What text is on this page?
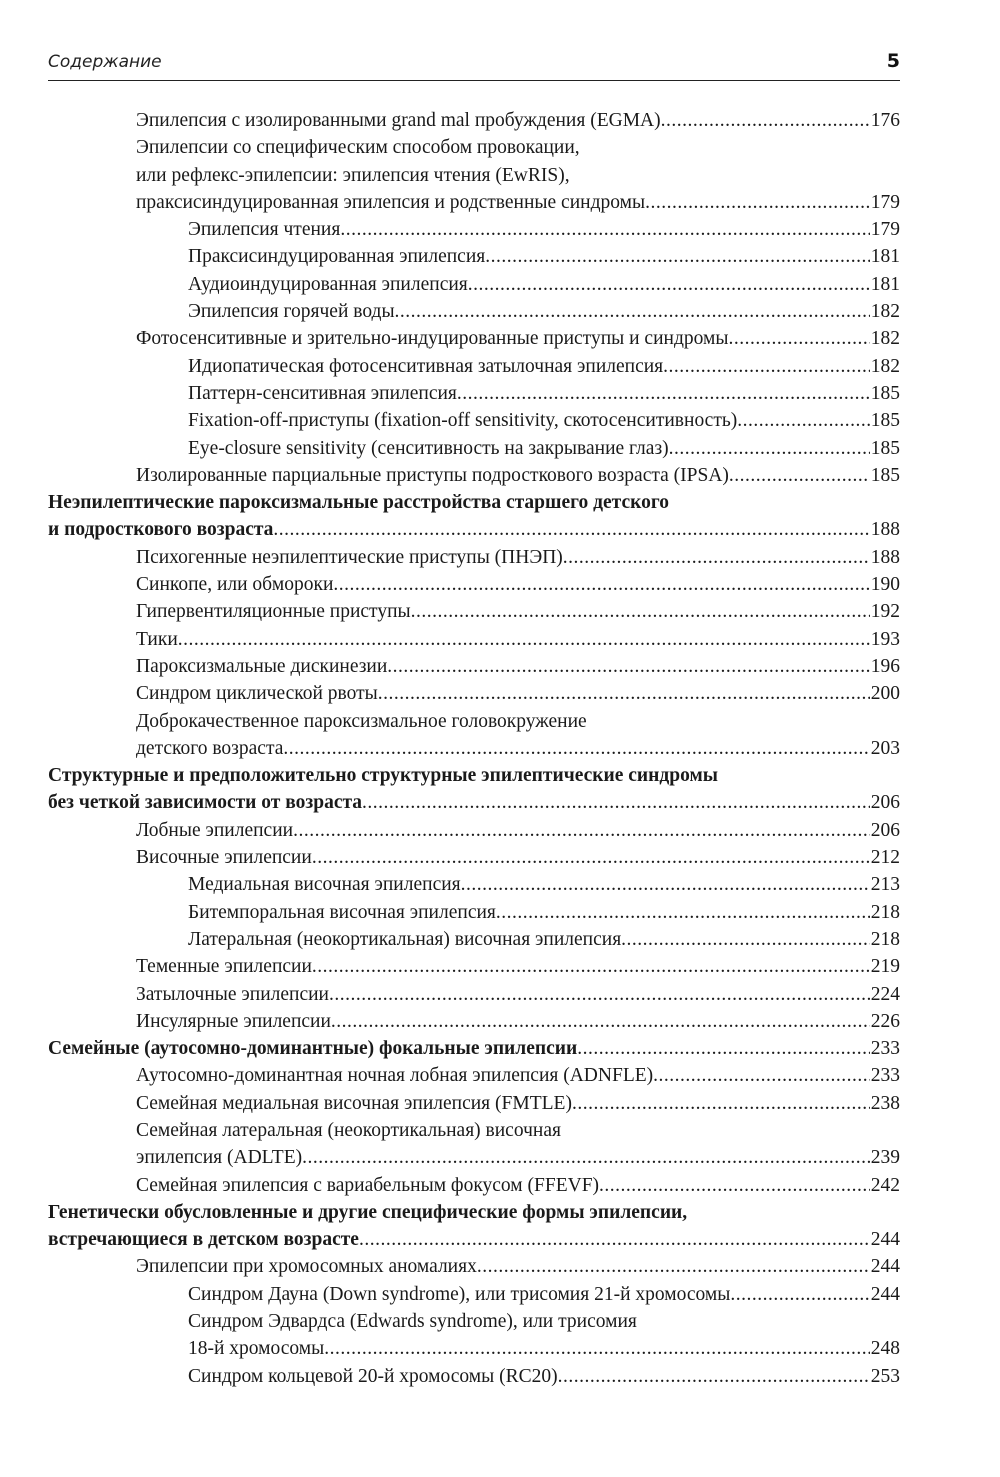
Содержание	5
Эпилепсия с изолированными grand mal пробуждения (EGMA) .....	176
Эпилепсии со специфическим способом провокации,
или рефлекс-эпилепсии: эпилепсия чтения (EwRIS),
праксисиндуцированная эпилепсия и родственные синдромы .....	179
Эпилепсия чтения .....	179
Праксисиндуцированная эпилепсия .....	181
Аудиоиндуцированная эпилепсия .....	181
Эпилепсия горячей воды .....	182
Фотосенситивные и зрительно-индуцированные приступы и синдромы .....	182
Идиопатическая фотосенситивная затылочная эпилепсия .....	182
Паттерн-сенситивная эпилепсия .....	185
Fixation-off-приступы (fixation-off sensitivity, скотосенситивность) .....	185
Eye-closure sensitivity (сенситивность на закрывание глаз) .....	185
Изолированные парциальные приступы подросткового возраста (IPSA) .....	185
Неэпилептические пароксизмальные расстройства старшего детского
и подросткового возраста .....	188
Психогенные неэпилептические приступы (ПНЭП) .....	188
Синкопе, или обмороки .....	190
Гипервентиляционные приступы .....	192
Тики .....	193
Пароксизмальные дискинезии .....	196
Синдром циклической рвоты .....	200
Доброкачественное пароксизмальное головокружение
детского возраста .....	203
Структурные и предположительно структурные эпилептические синдромы
без четкой зависимости от возраста .....	206
Лобные эпилепсии .....	206
Височные эпилепсии .....	212
Медиальная височная эпилепсия .....	213
Битемпоральная височная эпилепсия .....	218
Латеральная (неокортикальная) височная эпилепсия .....	218
Теменные эпилепсии .....	219
Затылочные эпилепсии .....	224
Инсулярные эпилепсии .....	226
Семейные (аутосомно-доминантные) фокальные эпилепсии .....	233
Аутосомно-доминантная ночная лобная эпилепсия (ADNFLE) .....	233
Семейная медиальная височная эпилепсия (FMTLE) .....	238
Семейная латеральная (неокортикальная) височная
эпилепсия (ADLTE) .....	239
Семейная эпилепсия с вариабельным фокусом (FFEVF) .....	242
Генетически обусловленные и другие специфические формы эпилепсии,
встречающиеся в детском возрасте .....	244
Эпилепсии при хромосомных аномалиях .....	244
Синдром Дауна (Down syndrome), или трисомия 21-й хромосомы .....	244
Синдром Эдвардса (Edwards syndrome), или трисомия
18-й хромосомы .....	248
Синдром кольцевой 20-й хромосомы (RC20) .....	253
